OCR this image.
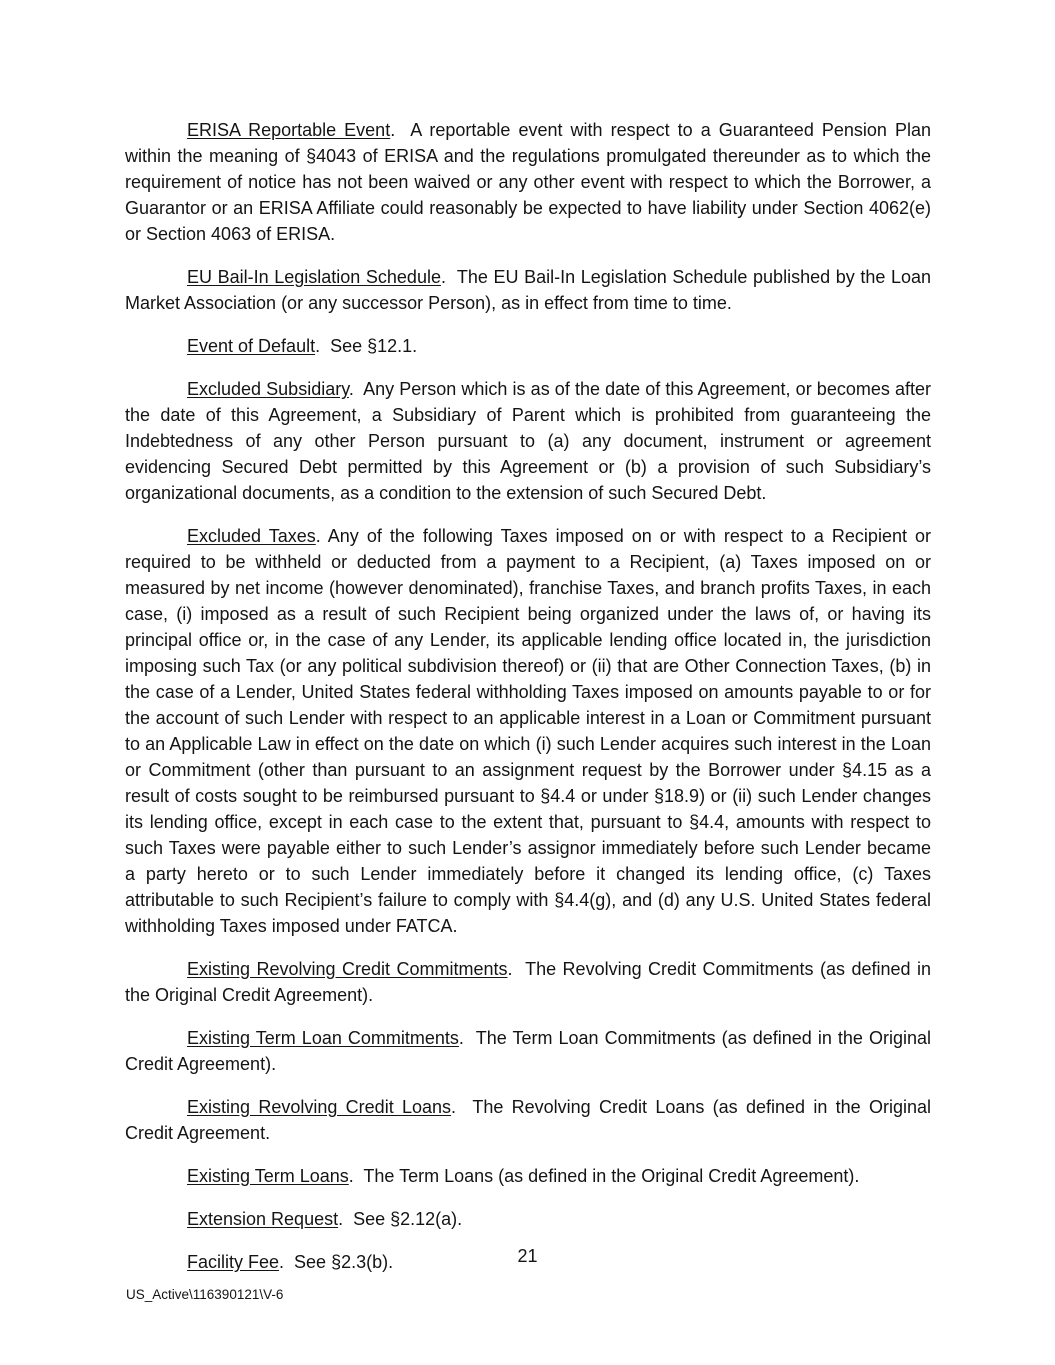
ERISA Reportable Event.  A reportable event with respect to a Guaranteed Pension Plan within the meaning of §4043 of ERISA and the regulations promulgated thereunder as to which the requirement of notice has not been waived or any other event with respect to which the Borrower, a Guarantor or an ERISA Affiliate could reasonably be expected to have liability under Section 4062(e) or Section 4063 of ERISA.

EU Bail-In Legislation Schedule.  The EU Bail-In Legislation Schedule published by the Loan Market Association (or any successor Person), as in effect from time to time.

Event of Default.  See §12.1.

Excluded Subsidiary.  Any Person which is as of the date of this Agreement, or becomes after the date of this Agreement, a Subsidiary of Parent which is prohibited from guaranteeing the Indebtedness of any other Person pursuant to (a) any document, instrument or agreement evidencing Secured Debt permitted by this Agreement or (b) a provision of such Subsidiary’s organizational documents, as a condition to the extension of such Secured Debt.

Excluded Taxes. Any of the following Taxes imposed on or with respect to a Recipient or required to be withheld or deducted from a payment to a Recipient, (a) Taxes imposed on or measured by net income (however denominated), franchise Taxes, and branch profits Taxes, in each case, (i) imposed as a result of such Recipient being organized under the laws of, or having its principal office or, in the case of any Lender, its applicable lending office located in, the jurisdiction imposing such Tax (or any political subdivision thereof) or (ii) that are Other Connection Taxes, (b) in the case of a Lender, United States federal withholding Taxes imposed on amounts payable to or for the account of such Lender with respect to an applicable interest in a Loan or Commitment pursuant to an Applicable Law in effect on the date on which (i) such Lender acquires such interest in the Loan or Commitment (other than pursuant to an assignment request by the Borrower under §4.15 as a result of costs sought to be reimbursed pursuant to §4.4 or under §18.9) or (ii) such Lender changes its lending office, except in each case to the extent that, pursuant to §4.4, amounts with respect to such Taxes were payable either to such Lender’s assignor immediately before such Lender became a party hereto or to such Lender immediately before it changed its lending office, (c) Taxes attributable to such Recipient’s failure to comply with §4.4(g), and (d) any U.S. United States federal withholding Taxes imposed under FATCA.

Existing Revolving Credit Commitments.  The Revolving Credit Commitments (as defined in the Original Credit Agreement).

Existing Term Loan Commitments.  The Term Loan Commitments (as defined in the Original Credit Agreement).

Existing Revolving Credit Loans.  The Revolving Credit Loans (as defined in the Original Credit Agreement.

Existing Term Loans.  The Term Loans (as defined in the Original Credit Agreement).

Extension Request.  See §2.12(a).

Facility Fee.  See §2.3(b).	21
US_Active\116390121\V-6
